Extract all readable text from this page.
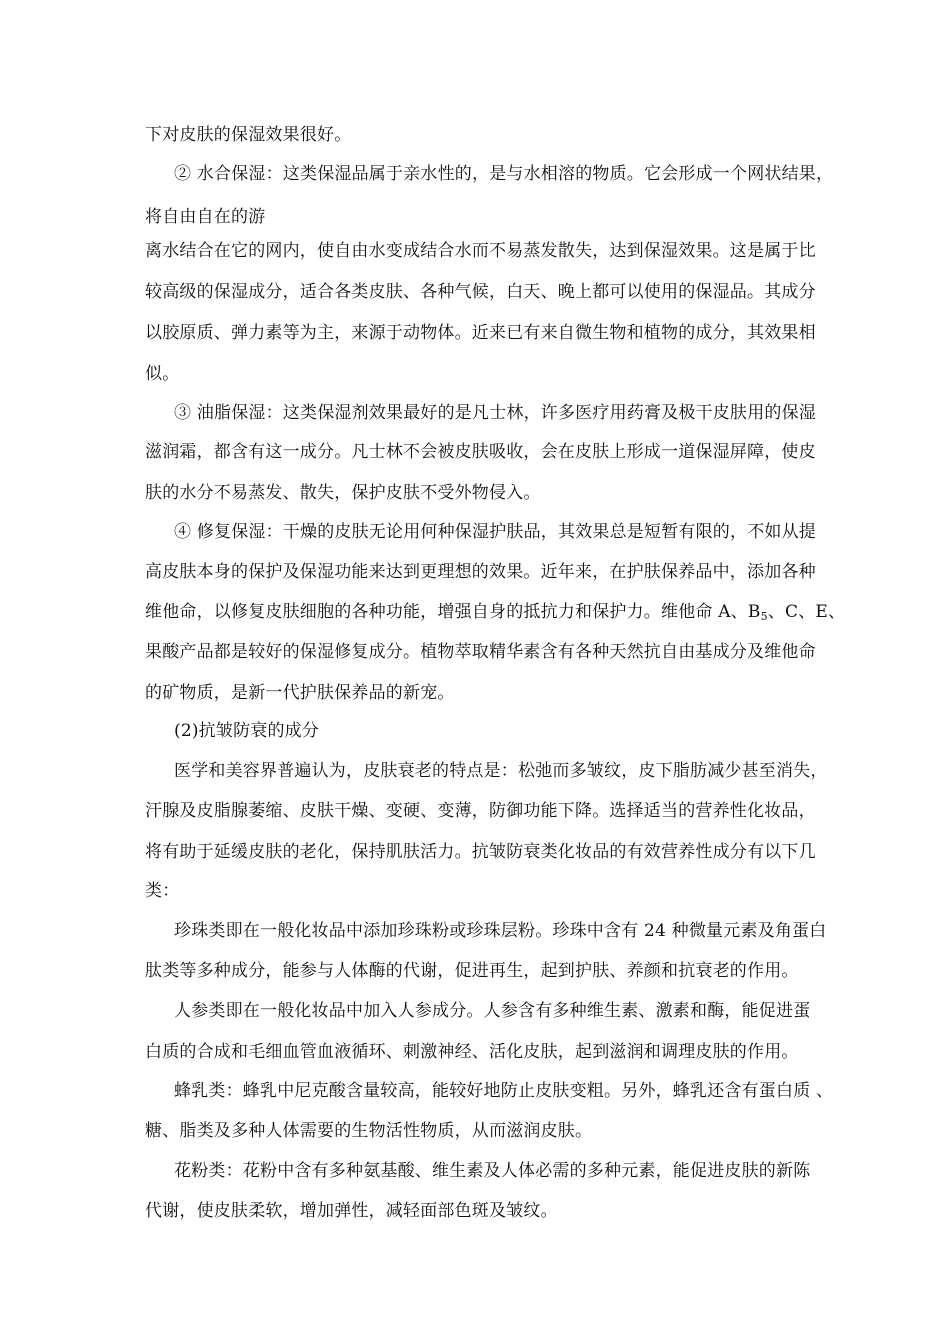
下对皮肤的保湿效果很好。
② 水合保湿：这类保湿品属于亲水性的，是与水相溶的物质。它会形成一个网状结果，
将自由自在的游
离水结合在它的网内，使自由水变成结合水而不易蒸发散失，达到保湿效果。这是属于比
较高级的保湿成分，适合各类皮肤、各种气候，白天、晚上都可以使用的保湿品。其成分
以胶原质、弹力素等为主，来源于动物体。近来已有来自微生物和植物的成分，其效果相
似。
③ 油脂保湿：这类保湿剂效果最好的是凡士林，许多医疗用药膏及极干皮肤用的保湿
滋润霜，都含有这一成分。凡士林不会被皮肤吸收，会在皮肤上形成一道保湿屏障，使皮
肤的水分不易蒸发、散失，保护皮肤不受外物侵入。
④ 修复保湿：干燥的皮肤无论用何种保湿护肤品，其效果总是短暂有限的，不如从提
高皮肤本身的保护及保湿功能来达到更理想的效果。近年来，在护肤保养品中，添加各种
维他命，以修复皮肤细胞的各种功能，增强自身的抵抗力和保护力。维他命 A、$B_5$、C、E、
果酸产品都是较好的保湿修复成分。植物萃取精华素含有各种天然抗自由基成分及维他命
的矿物质，是新一代护肤保养品的新宠。
(2)抗皱防衰的成分
医学和美容界普遍认为，皮肤衰老的特点是：松弛而多皱纹，皮下脂肪减少甚至消失，
汗腺及皮脂腺萎缩、皮肤干燥、变硬、变薄，防御功能下降。选择适当的营养性化妆品，
将有助于延缓皮肤的老化，保持肌肤活力。抗皱防衰类化妆品的有效营养性成分有以下几
类：
珍珠类即在一般化妆品中添加珍珠粉或珍珠层粉。珍珠中含有 24 种微量元素及角蛋白
肽类等多种成分，能参与人体酶的代谢，促进再生，起到护肤、养颜和抗衰老的作用。
人参类即在一般化妆品中加入人参成分。人参含有多种维生素、激素和酶，能促进蛋
白质的合成和毛细血管血液循环、刺激神经、活化皮肤，起到滋润和调理皮肤的作用。
蜂乳类：蜂乳中尼克酸含量较高，能较好地防止皮肤变粗。另外，蜂乳还含有蛋白质 、
糖、脂类及多种人体需要的生物活性物质，从而滋润皮肤。
花粉类：花粉中含有多种氨基酸、维生素及人体必需的多种元素，能促进皮肤的新陈
代谢，使皮肤柔软，增加弹性，减轻面部色斑及皱纹。
